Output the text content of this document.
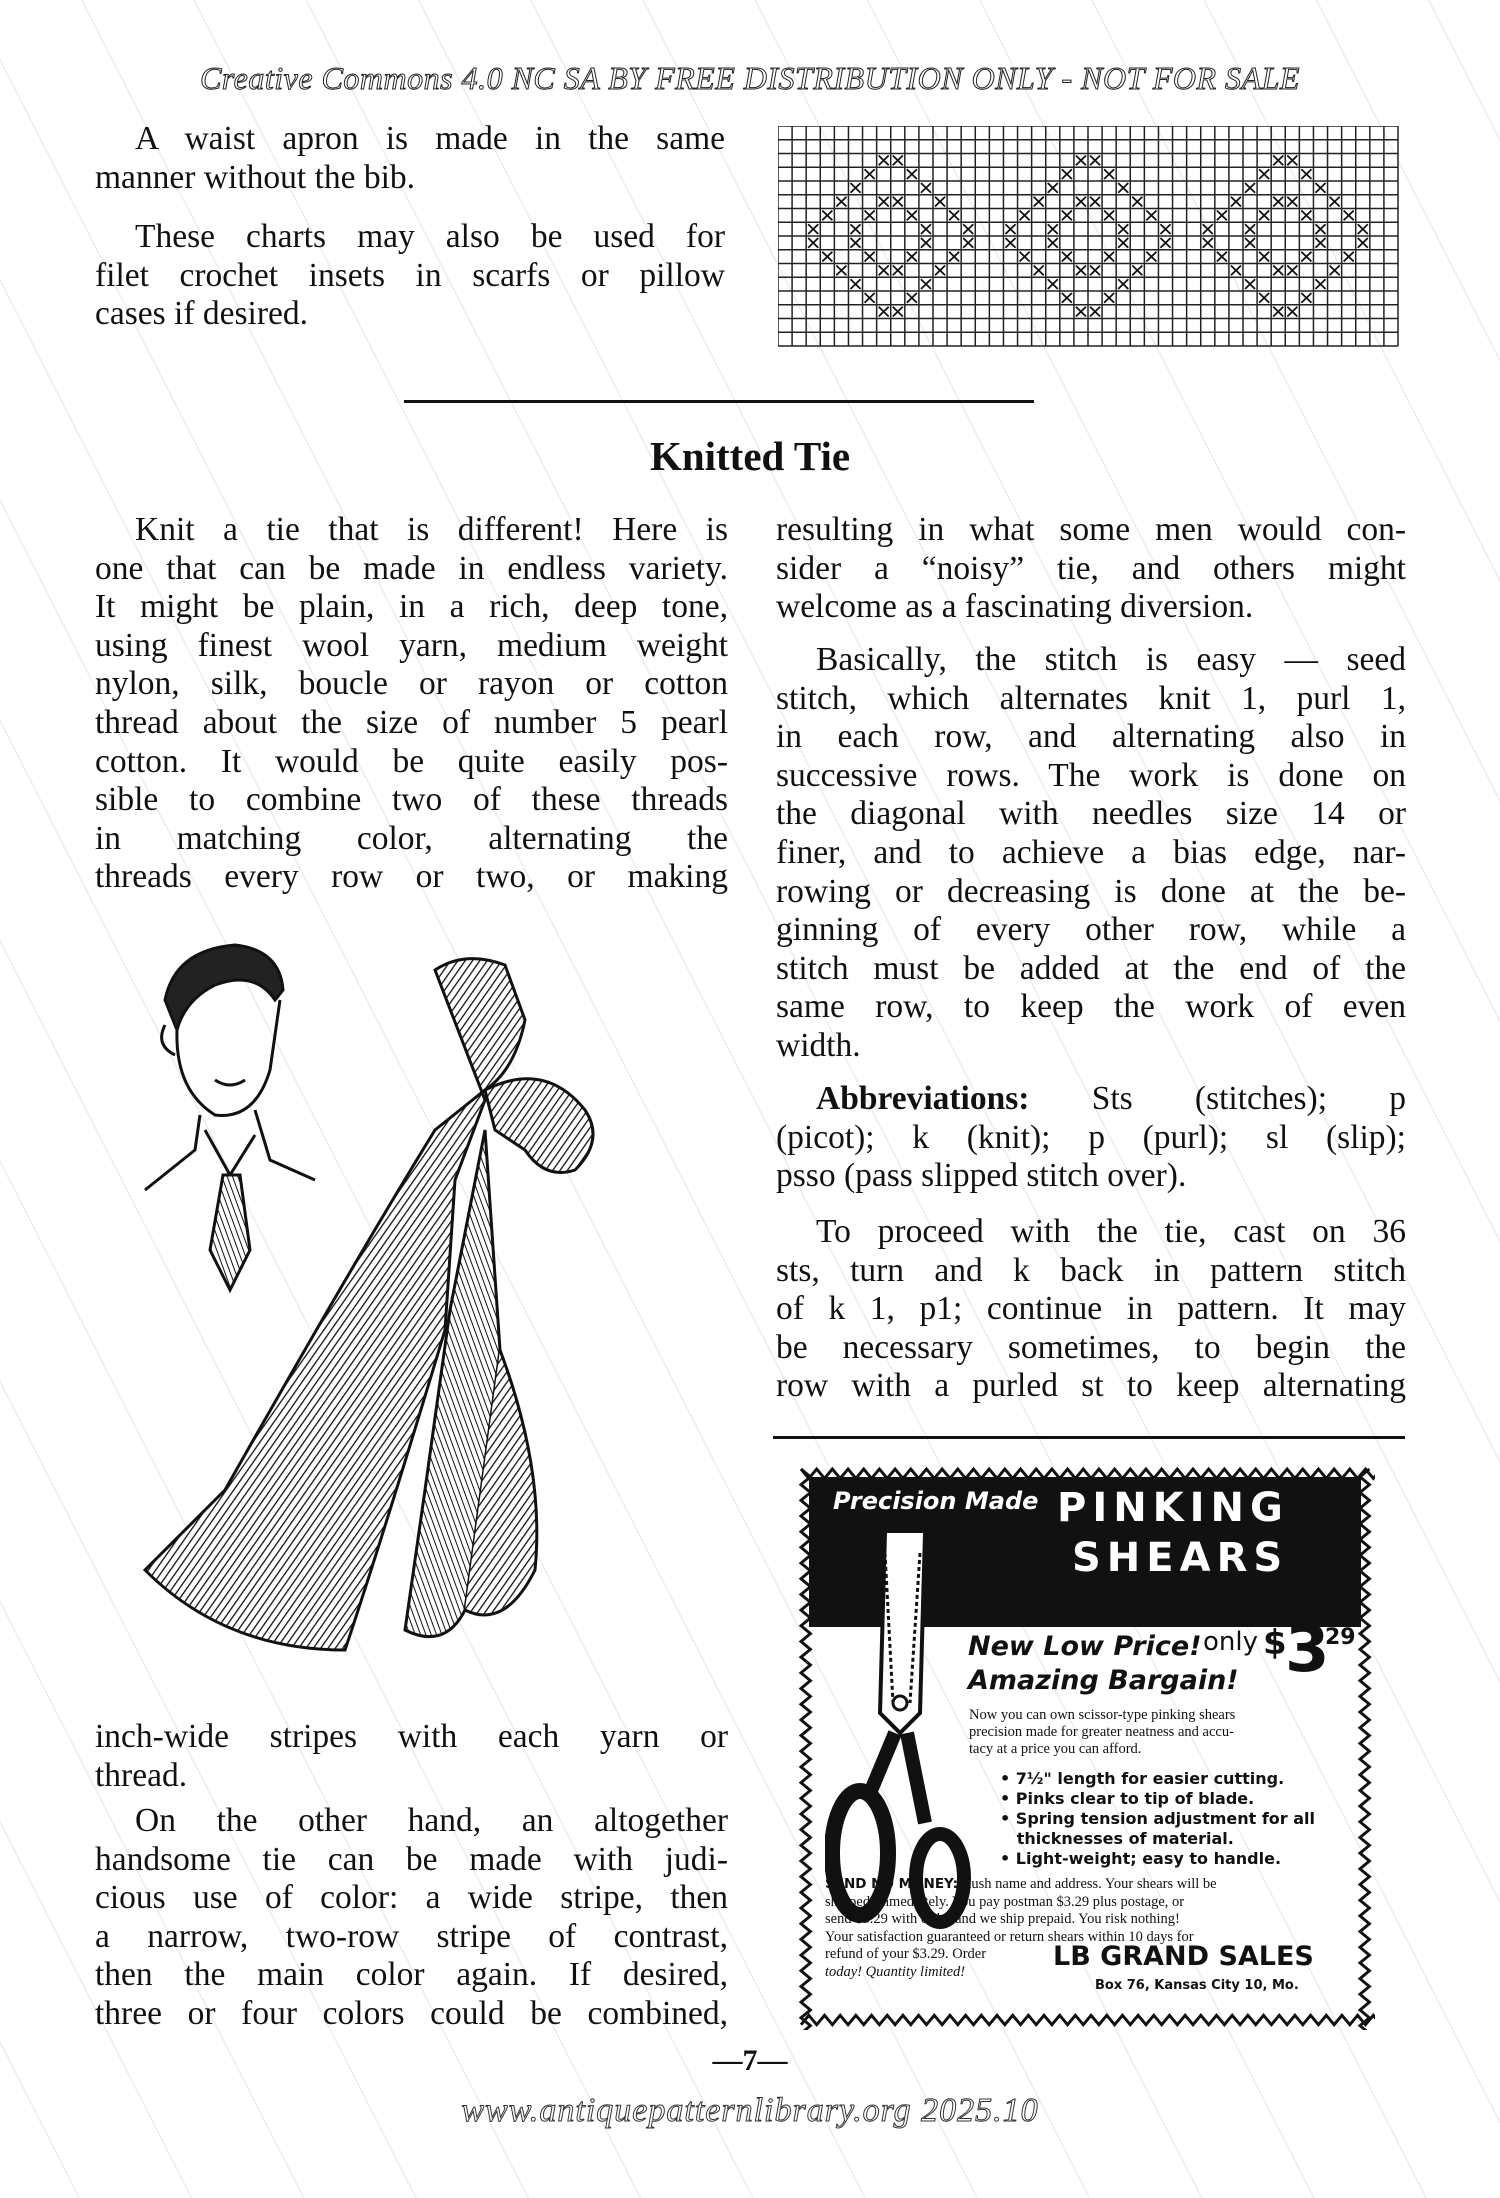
Creative Commons 4.0 NC SA BY FREE DISTRIBUTION ONLY - NOT FOR SALE
A waist apron is made in the same
manner without the bib.
These charts may also be used for
filet crochet insets in scarfs or pillow
cases if desired.
Knitted Tie
Knit a tie that is different! Here is
one that can be made in endless variety.
It might be plain, in a rich, deep tone,
using finest wool yarn, medium weight
nylon, silk, boucle or rayon or cotton
thread about the size of number 5 pearl
cotton. It would be quite easily pos-
sible to combine two of these threads
in matching color, alternating the
threads every row or two, or making
inch-wide stripes with each yarn or
thread.
On the other hand, an altogether
handsome tie can be made with judi-
cious use of color: a wide stripe, then
a narrow, two-row stripe of contrast,
then the main color again. If desired,
three or four colors could be combined,
resulting in what some men would con-
sider a “noisy” tie, and others might
welcome as a fascinating diversion.
Basically, the stitch is easy — seed
stitch, which alternates knit 1, purl 1,
in each row, and alternating also in
successive rows. The work is done on
the diagonal with needles size 14 or
finer, and to achieve a bias edge, nar-
rowing or decreasing is done at the be-
ginning of every other row, while a
stitch must be added at the end of the
same row, to keep the work of even
width.
Abbreviations: Sts (stitches); p
(picot); k (knit); p (purl); sl (slip);
psso (pass slipped stitch over).
To proceed with the tie, cast on 36
sts, turn and k back in pattern stitch
of k 1, p1; continue in pattern. It may
be necessary sometimes, to begin the
row with a purled st to keep alternating
Precision Made PINKING
SHEARS
New Low Price!
Amazing Bargain!
only $
3
29
Now you can own scissor-type pinking shears
precision made for greater neatness and accu-
tacy at a price you can afford.
• 7½" length for easier cutting.
• Pinks clear to tip of blade.
• Spring tension adjustment for all
thicknesses of material.
• Light-weight; easy to handle.
SEND NO MONEY: Rush name and address. Your shears will be
shipped immediately. You pay postman $3.29 plus postage, or
send $3.29 with order and we ship prepaid. You risk nothing!
Your satisfaction guaranteed or return shears within 10 days for
refund of your $3.29. Order
today! Quantity limited!	LB GRAND SALES
Box 76, Kansas City 10, Mo.
—7—
www.antiquepatternlibrary.org 2025.10
